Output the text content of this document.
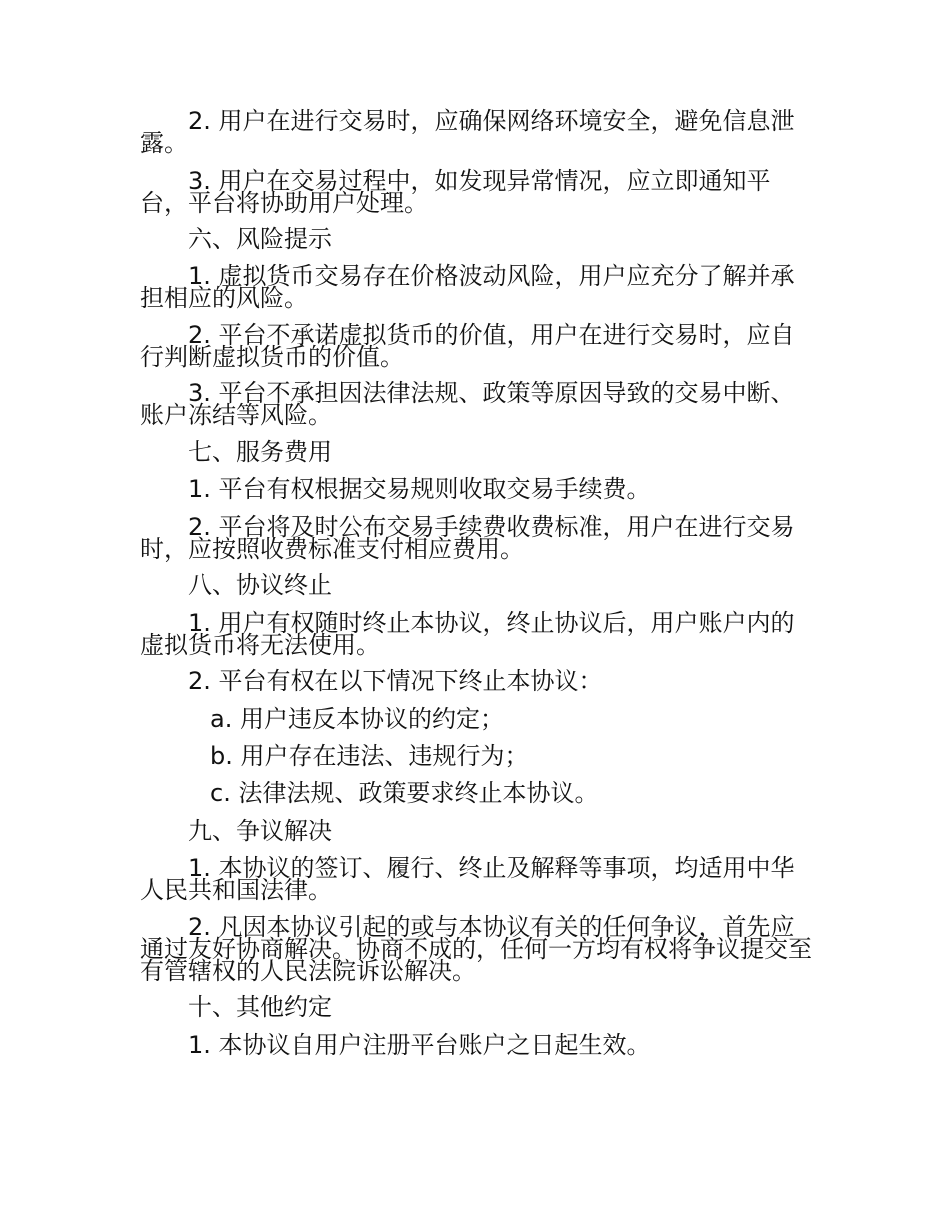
2. 用户在进行交易时，应确保网络环境安全，避免信息泄露。

3. 用户在交易过程中，如发现异常情况，应立即通知平台，平台将协助用户处理。

六、风险提示

1. 虚拟货币交易存在价格波动风险，用户应充分了解并承担相应的风险。

2. 平台不承诺虚拟货币的价值，用户在进行交易时，应自行判断虚拟货币的价值。

3. 平台不承担因法律法规、政策等原因导致的交易中断、账户冻结等风险。

七、服务费用

1. 平台有权根据交易规则收取交易手续费。

2. 平台将及时公布交易手续费收费标准，用户在进行交易时，应按照收费标准支付相应费用。

八、协议终止

1. 用户有权随时终止本协议，终止协议后，用户账户内的虚拟货币将无法使用。

2. 平台有权在以下情况下终止本协议：

a. 用户违反本协议的约定；

b. 用户存在违法、违规行为；

c. 法律法规、政策要求终止本协议。

九、争议解决

1. 本协议的签订、履行、终止及解释等事项，均适用中华人民共和国法律。

2. 凡因本协议引起的或与本协议有关的任何争议，首先应通过友好协商解决。协商不成的，任何一方均有权将争议提交至有管辖权的人民法院诉讼解决。

十、其他约定

1. 本协议自用户注册平台账户之日起生效。
